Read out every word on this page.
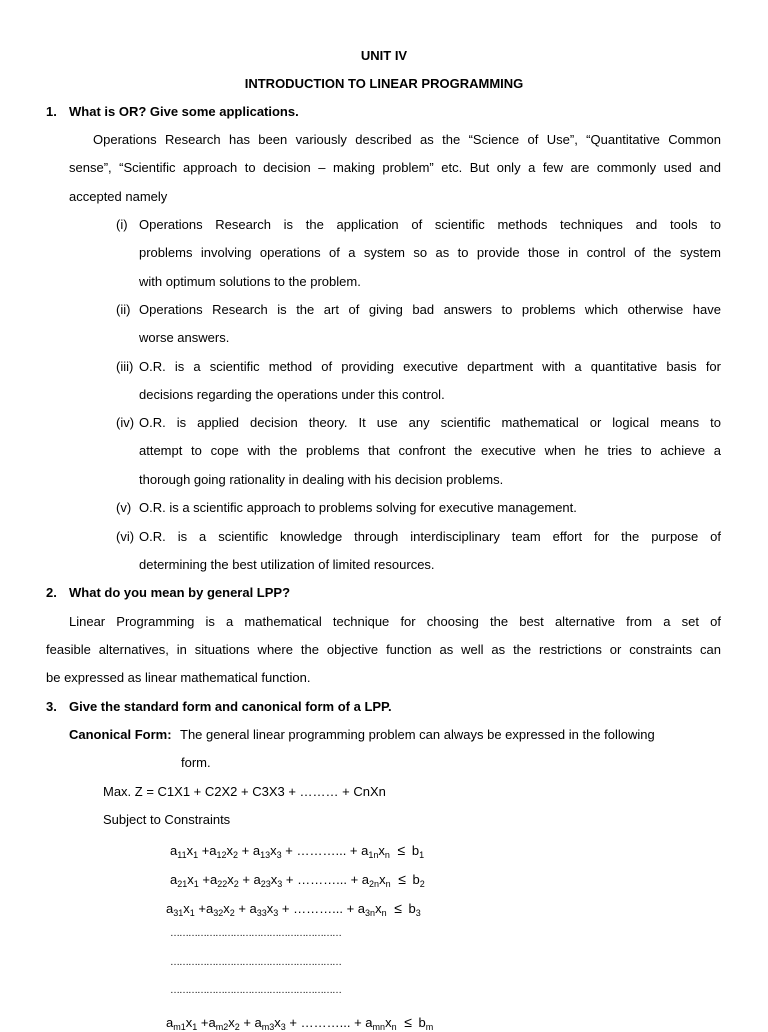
UNIT IV
INTRODUCTION TO LINEAR PROGRAMMING
1. What is OR? Give some applications.
Operations Research has been variously described as the “Science of Use”, “Quantitative Common
sense”, “Scientific approach to decision – making problem” etc. But only a few are commonly used and
accepted namely
(i) Operations Research is the application of scientific methods techniques and tools to
problems involving operations of a system so as to provide those in control of the system
with optimum solutions to the problem.
(ii) Operations Research is the art of giving bad answers to problems which otherwise have
worse answers.
(iii) O.R. is a scientific method of providing executive department with a quantitative basis for
decisions regarding the operations under this control.
(iv) O.R. is applied decision theory. It use any scientific mathematical or logical means to
attempt to cope with the problems that confront the executive when he tries to achieve a
thorough going rationality in dealing with his decision problems.
(v) O.R. is a scientific approach to problems solving for executive management.
(vi) O.R. is a scientific knowledge through interdisciplinary team effort for the purpose of
determining the best utilization of limited resources.
2. What do you mean by general LPP?
Linear Programming is a mathematical technique for choosing the best alternative from a set of
feasible alternatives, in situations where the objective function as well as the restrictions or constraints can
be expressed as linear mathematical function.
3. Give the standard form and canonical form of a LPP.
Canonical Form: The general linear programming problem can always be expressed in the following
form.
Max. Z = C1X1 + C2X2 + C3X3 + ……… + CnXn
Subject to Constraints
$a_{11}x_1 +a_{12}x_2 + a_{13}x_3$ + ………... + $a_{1n}x_n \le b_1$
$a_{21}x_1 +a_{22}x_2 + a_{23}x_3$ + ………... + $a_{2n}x_n \le b_2$
$a_{31}x_1 +a_{32}x_2 + a_{33}x_3$ + ………... + $a_{3n}x_n \le b_3$
…………………………………………………
…………………………………………………
…………………………………………………
$a_{m1}x_1 +a_{m2}x_2 + a_{m3}x_3$ + ………... + $a_{mn}x_n \le b_m$
